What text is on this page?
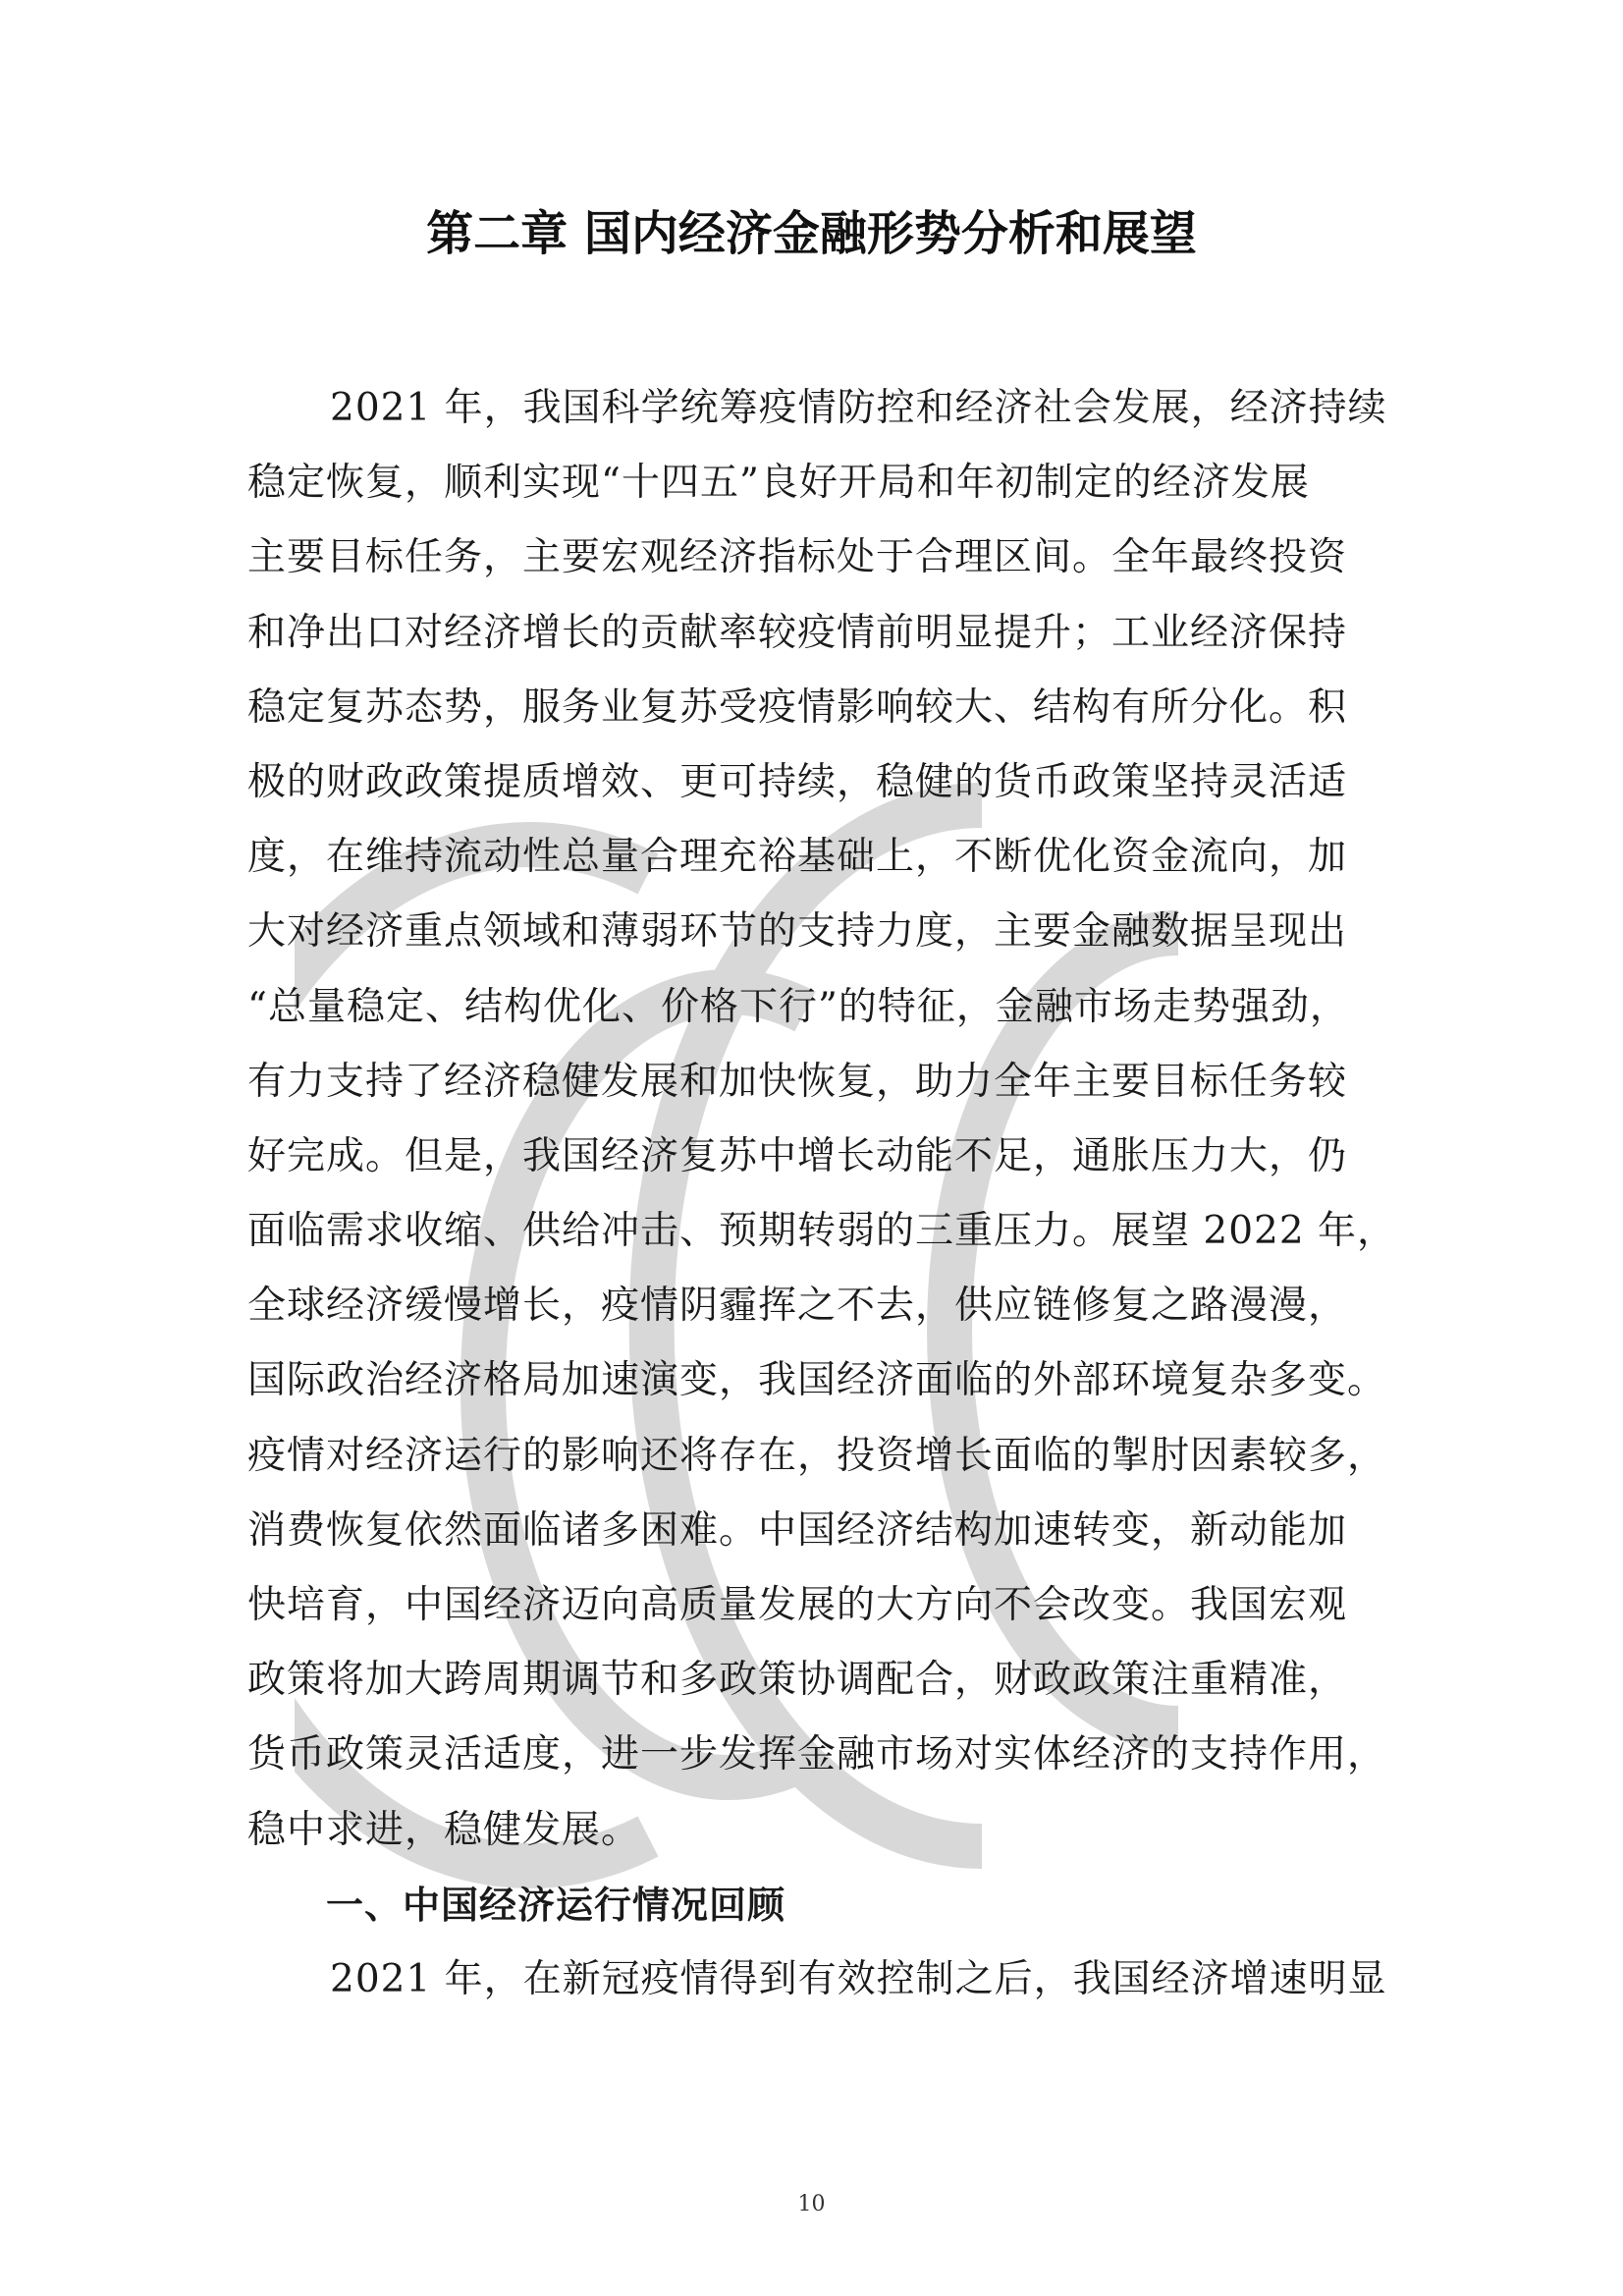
第二章 国内经济金融形势分析和展望
2021 年，我国科学统筹疫情防控和经济社会发展，经济持续
稳定恢复，顺利实现“十四五”良好开局和年初制定的经济发展
主要目标任务，主要宏观经济指标处于合理区间。全年最终投资
和净出口对经济增长的贡献率较疫情前明显提升；工业经济保持
稳定复苏态势，服务业复苏受疫情影响较大、结构有所分化。积
极的财政政策提质增效、更可持续，稳健的货币政策坚持灵活适
度，在维持流动性总量合理充裕基础上，不断优化资金流向，加
大对经济重点领域和薄弱环节的支持力度，主要金融数据呈现出
“总量稳定、结构优化、价格下行”的特征，金融市场走势强劲，
有力支持了经济稳健发展和加快恢复，助力全年主要目标任务较
好完成。但是，我国经济复苏中增长动能不足，通胀压力大，仍
面临需求收缩、供给冲击、预期转弱的三重压力。展望 2022 年，
全球经济缓慢增长，疫情阴霾挥之不去，供应链修复之路漫漫，
国际政治经济格局加速演变，我国经济面临的外部环境复杂多变。
疫情对经济运行的影响还将存在，投资增长面临的掣肘因素较多，
消费恢复依然面临诸多困难。中国经济结构加速转变，新动能加
快培育，中国经济迈向高质量发展的大方向不会改变。我国宏观
政策将加大跨周期调节和多政策协调配合，财政政策注重精准，
货币政策灵活适度，进一步发挥金融市场对实体经济的支持作用，
稳中求进，稳健发展。
一、中国经济运行情况回顾
2021 年，在新冠疫情得到有效控制之后，我国经济增速明显
10
